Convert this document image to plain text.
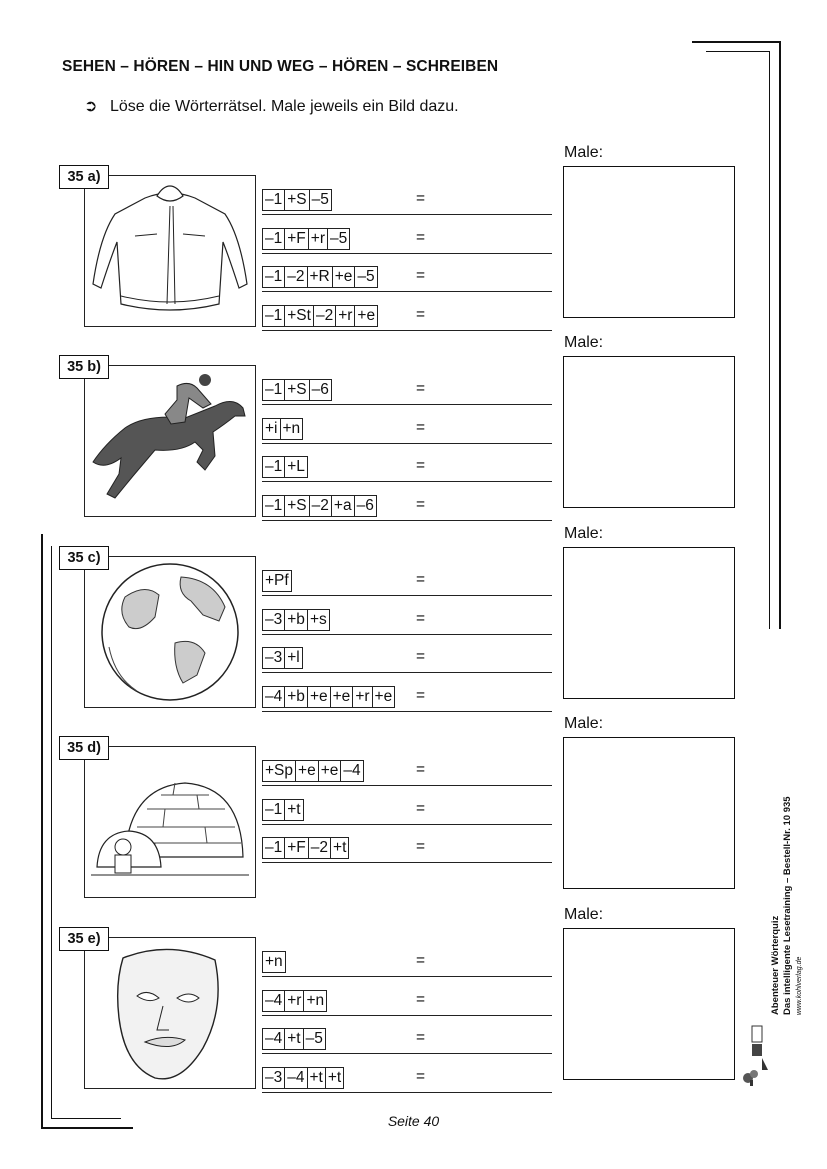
SEHEN – HÖREN – HIN UND WEG – HÖREN – SCHREIBEN
➲ Löse die Wörterrätsel. Male jeweils ein Bild dazu.
35 a)
–1 +S –5	=
–1 +F +r –5	=
–1 –2 +R +e –5	=
–1 +St –2 +r +e	=
Male:
35 b)
–1 +S –6	=
+i +n	=
–1 +L	=
–1 +S –2 +a –6	=
Male:
35 c)
+Pf	=
–3 +b +s	=
–3 +l	=
–4 +b +e +e +r +e =
Male:
35 d)
+Sp +e +e –4	=
–1 +t	=
–1 +F –2 +t	=
Male:
35 e)
+n	=
–4 +r +n	=
–4 +t –5	=
–3 –4 +t +t	=
Male:
Seite 40
Abenteuer Wörterquiz Das intelligente Lesetraining – Bestell-Nr. 10 935 www.kohlverlag.de
